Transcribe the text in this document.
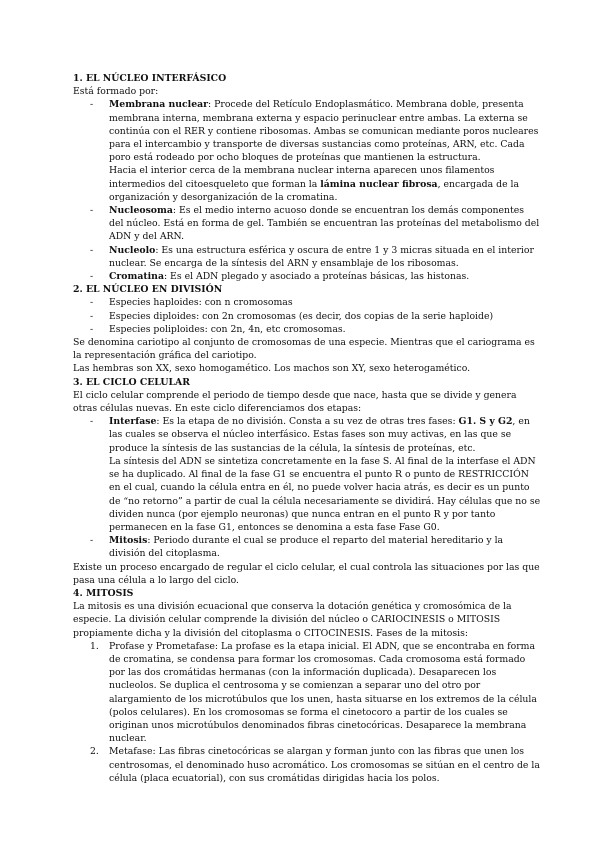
1. EL NÚCLEO INTERFÁSICO

Está formado por:

- Membrana nuclear: Procede del Retículo Endoplasmático. Membrana doble, presenta membrana interna, membrana externa y espacio perinuclear entre ambas. La externa se continúa con el RER y contiene ribosomas. Ambas se comunican mediante poros nucleares para el intercambio y transporte de diversas sustancias como proteínas, ARN, etc. Cada poro está rodeado por ocho bloques de proteínas que mantienen la estructura.

Hacia el interior cerca de la membrana nuclear interna aparecen unos filamentos intermedios del citoesqueleto que forman la lámina nuclear fibrosa, encargada de la organización y desorganización de la cromatina.

- Nucleosoma: Es el medio interno acuoso donde se encuentran los demás componentes del núcleo. Está en forma de gel. También se encuentran las proteínas del metabolismo del ADN y del ARN.

- Nucleolo: Es una estructura esférica y oscura de entre 1 y 3 micras situada en el interior nuclear. Se encarga de la síntesis del ARN y ensamblaje de los ribosomas.

- Cromatina: Es el ADN plegado y asociado a proteínas básicas, las histonas.

2. EL NÚCLEO EN DIVISIÓN

- Especies haploides: con n cromosomas

- Especies diploides: con 2n cromosomas (es decir, dos copias de la serie haploide)

- Especies poliploides: con 2n, 4n, etc cromosomas.

Se denomina cariotipo al conjunto de cromosomas de una especie. Mientras que el cariograma es la representación gráfica del cariotipo.

Las hembras son XX, sexo homogamético. Los machos son XY, sexo heterogamético.

3. EL CICLO CELULAR

El ciclo celular comprende el periodo de tiempo desde que nace, hasta que se divide y genera otras células nuevas. En este ciclo diferenciamos dos etapas:

- Interfase: Es la etapa de no división. Consta a su vez de otras tres fases: G1. S y G2, en las cuales se observa el núcleo interfásico. Estas fases son muy activas, en las que se produce la síntesis de las sustancias de la célula, la síntesis de proteínas, etc.

La síntesis del ADN se sintetiza concretamente en la fase S. Al final de la interfase el ADN se ha duplicado. Al final de la fase G1 se encuentra el punto R o punto de RESTRICCIÓN en el cual, cuando la célula entra en él, no puede volver hacia atrás, es decir es un punto de “no retorno” a partir de cual la célula necesariamente se dividirá. Hay células que no se dividen nunca (por ejemplo neuronas) que nunca entran en el punto R y por tanto permanecen en la fase G1, entonces se denomina a esta fase Fase G0.

- Mitosis: Periodo durante el cual se produce el reparto del material hereditario y la división del citoplasma.

Existe un proceso encargado de regular el ciclo celular, el cual controla las situaciones por las que pasa una célula a lo largo del ciclo.

4. MITOSIS

La mitosis es una división ecuacional que conserva la dotación genética y cromosómica de la especie. La división celular comprende la división del núcleo o CARIOCINESIS o MITOSIS propiamente dicha y la división del citoplasma o CITOCINESIS. Fases de la mitosis:

1. Profase y Prometafase: La profase es la etapa inicial. El ADN, que se encontraba en forma de cromatina, se condensa para formar los cromosomas. Cada cromosoma está formado por las dos cromátidas hermanas (con la información duplicada). Desaparecen los nucleolos. Se duplica el centrosoma y se comienzan a separar uno del otro por alargamiento de los microtúbulos que los unen, hasta situarse en los extremos de la célula (polos celulares). En los cromosomas se forma el cinetocoro a partir de los cuales se originan unos microtúbulos denominados fibras cinetocóricas. Desaparece la membrana nuclear.

2. Metafase: Las fibras cinetocóricas se alargan y forman junto con las fibras que unen los centrosomas, el denominado huso acromático. Los cromosomas se sitúan en el centro de la célula (placa ecuatorial), con sus cromátidas dirigidas hacia los polos.
